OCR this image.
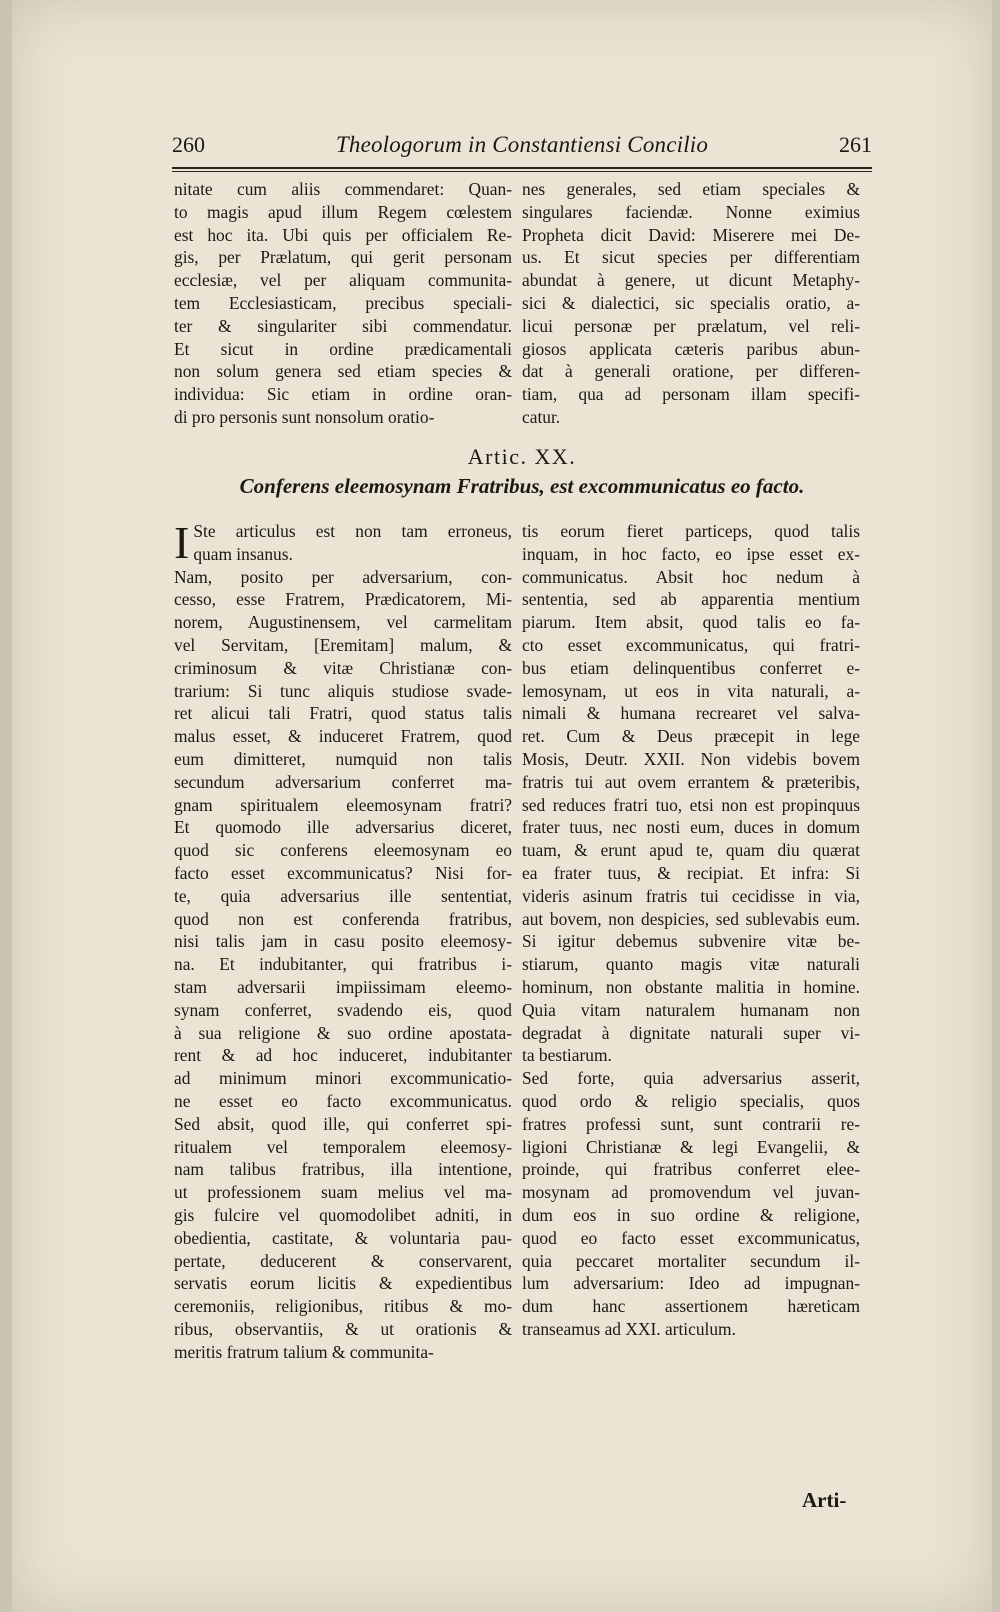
260	Theologorum in Constantiensi Concilio	261
nitate cum aliis commendaret: Quan-
to magis apud illum Regem cœlestem
est hoc ita. Ubi quis per officialem Re-
gis, per Prælatum, qui gerit personam
ecclesiæ, vel per aliquam communita-
tem Ecclesiasticam, precibus speciali-
ter & singulariter sibi commendatur.
Et sicut in ordine prædicamentali
non solum genera sed etiam species &
individua: Sic etiam in ordine oran-
di pro personis sunt nonsolum oratio-
nes generales, sed etiam speciales &
singulares faciendæ. Nonne eximius
Propheta dicit David: Miserere mei De-
us. Et sicut species per differentiam
abundat à genere, ut dicunt Metaphy-
sici & dialectici, sic specialis oratio, a-
licui personæ per prælatum, vel reli-
giosos applicata cæteris paribus abun-
dat à generali oratione, per differen-
tiam, qua ad personam illam specifi-
catur.
Artic. XX.
Conferens eleemosynam Fratribus, est excommunicatus eo facto.
I Ste articulus est non tam erroneus,
quam insanus.
Nam, posito per adversarium, con-
cesso, esse Fratrem, Prædicatorem, Mi-
norem, Augustinensem, vel carmelitam
vel Servitam, [Eremitam] malum, &
criminosum & vitæ Christianæ con-
trarium: Si tunc aliquis studiose svade-
ret alicui tali Fratri, quod status talis
malus esset, & induceret Fratrem, quod
eum dimitteret, numquid non talis
secundum adversarium conferret ma-
gnam spiritualem eleemosynam fratri?
Et quomodo ille adversarius diceret,
quod sic conferens eleemosynam eo
facto esset excommunicatus? Nisi for-
te, quia adversarius ille sententiat,
quod non est conferenda fratribus,
nisi talis jam in casu posito eleemosy-
na. Et indubitanter, qui fratribus i-
stam adversarii impiissimam eleemo-
synam conferret, svadendo eis, quod
à sua religione & suo ordine apostata-
rent & ad hoc induceret, indubitanter
ad minimum minori excommunicatio-
ne esset eo facto excommunicatus.
Sed absit, quod ille, qui conferret spi-
ritualem vel temporalem eleemosy-
nam talibus fratribus, illa intentione,
ut professionem suam melius vel ma-
gis fulcire vel quomodolibet adniti, in
obedientia, castitate, & voluntaria pau-
pertate, deducerent & conservarent,
servatis eorum licitis & expedientibus
ceremoniis, religionibus, ritibus & mo-
ribus, observantiis, & ut orationis &
meritis fratrum talium & communita-
tis eorum fieret particeps, quod talis
inquam, in hoc facto, eo ipse esset ex-
communicatus. Absit hoc nedum à
sententia, sed ab apparentia mentium
piarum. Item absit, quod talis eo fa-
cto esset excommunicatus, qui fratri-
bus etiam delinquentibus conferret e-
lemosynam, ut eos in vita naturali, a-
nimali & humana recrearet vel salva-
ret. Cum & Deus præcepit in lege
Mosis, Deutr. XXII. Non videbis bovem
fratris tui aut ovem errantem & præteribis,
sed reduces fratri tuo, etsi non est propinquus
frater tuus, nec nosti eum, duces in domum
tuam, & erunt apud te, quam diu quærat
ea frater tuus, & recipiat. Et infra: Si
videris asinum fratris tui cecidisse in via,
aut bovem, non despicies, sed sublevabis eum.
Si igitur debemus subvenire vitæ be-
stiarum, quanto magis vitæ naturali
hominum, non obstante malitia in homine.
Quia vitam naturalem humanam non
degradat à dignitate naturali super vi-
ta bestiarum.
Sed forte, quia adversarius asserit,
quod ordo & religio specialis, quos
fratres professi sunt, sunt contrarii re-
ligioni Christianæ & legi Evangelii, &
proinde, qui fratribus conferret elee-
mosynam ad promovendum vel juvan-
dum eos in suo ordine & religione,
quod eo facto esset excommunicatus,
quia peccaret mortaliter secundum il-
lum adversarium: Ideo ad impugnan-
dum hanc assertionem hæreticam
transeamus ad XXI. articulum.
Arti-
